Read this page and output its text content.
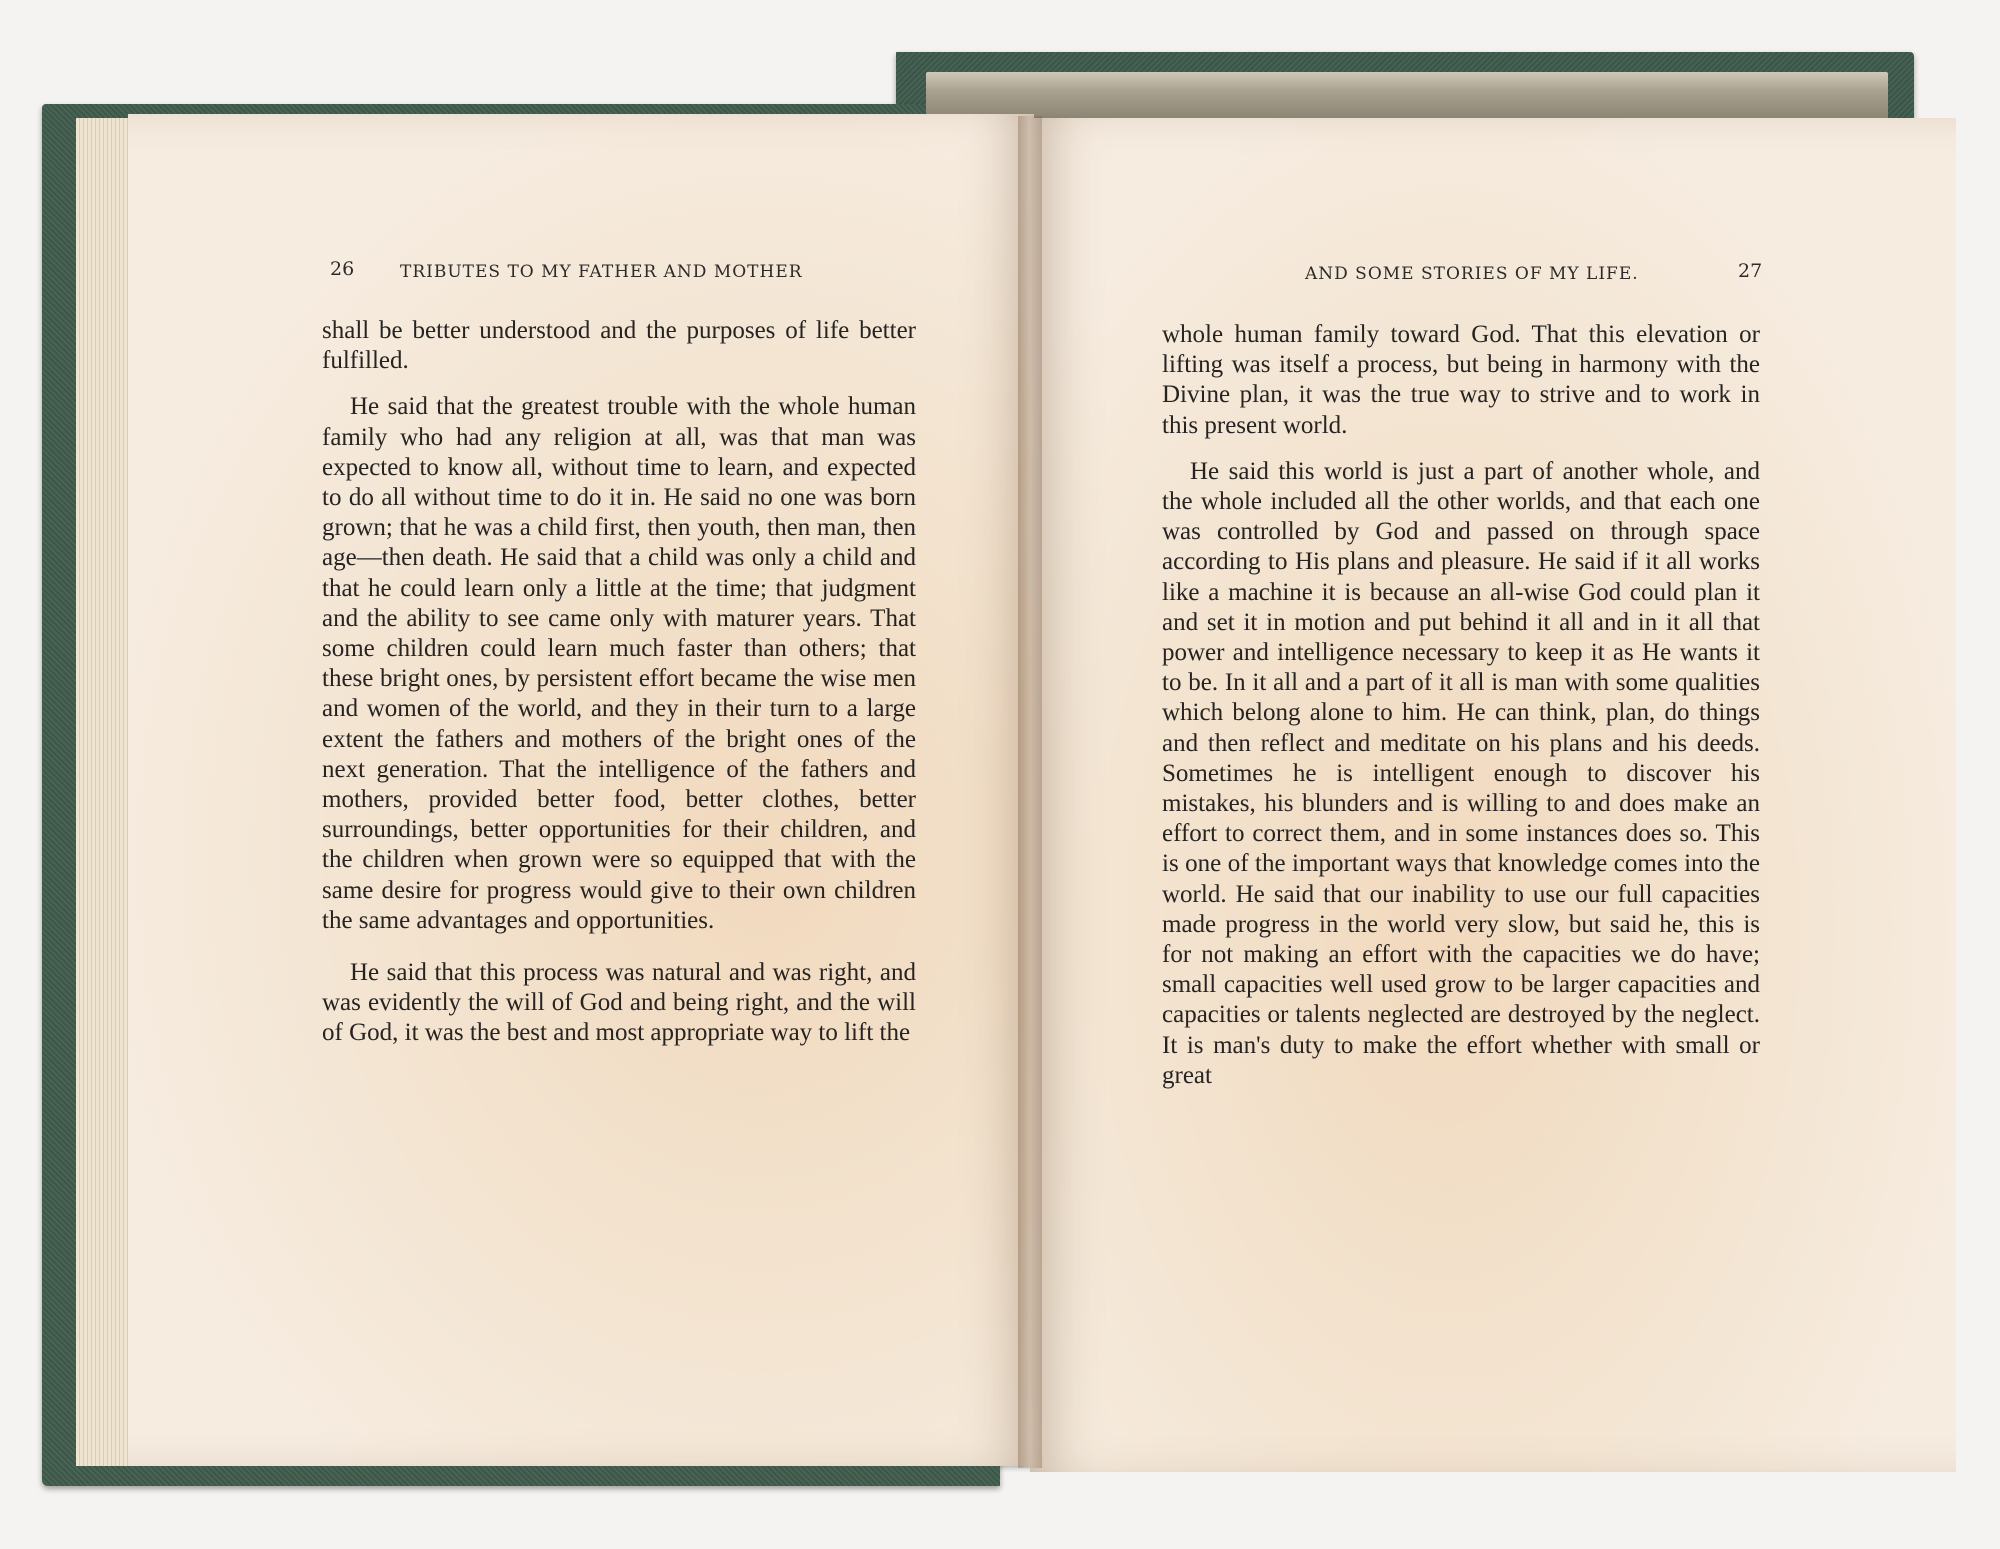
26	TRIBUTES TO MY FATHER AND MOTHER

shall be better understood and the purposes of life better fulfilled.

He said that the greatest trouble with the whole human family who had any religion at all, was that man was expected to know all, without time to learn, and expected to do all without time to do it in. He said no one was born grown; that he was a child first, then youth, then man, then age—then death. He said that a child was only a child and that he could learn only a little at the time; that judgment and the ability to see came only with maturer years. That some children could learn much faster than others; that these bright ones, by persistent effort became the wise men and women of the world, and they in their turn to a large extent the fathers and mothers of the bright ones of the next generation. That the intelligence of the fathers and mothers, provided better food, better clothes, better surroundings, better opportunities for their children, and the children when grown were so equipped that with the same desire for progress would give to their own children the same advantages and opportunities.

He said that this process was natural and was right, and was evidently the will of God and being right, and the will of God, it was the best and most appropriate way to lift the

AND SOME STORIES OF MY LIFE.	27

whole human family toward God. That this elevation or lifting was itself a process, but being in harmony with the Divine plan, it was the true way to strive and to work in this present world.

He said this world is just a part of another whole, and the whole included all the other worlds, and that each one was controlled by God and passed on through space according to His plans and pleasure. He said if it all works like a machine it is because an all-wise God could plan it and set it in motion and put behind it all and in it all that power and intelligence necessary to keep it as He wants it to be. In it all and a part of it all is man with some qualities which belong alone to him. He can think, plan, do things and then reflect and meditate on his plans and his deeds. Sometimes he is intelligent enough to discover his mistakes, his blunders and is willing to and does make an effort to correct them, and in some instances does so. This is one of the important ways that knowledge comes into the world. He said that our inability to use our full capacities made progress in the world very slow, but said he, this is for not making an effort with the capacities we do have; small capacities well used grow to be larger capacities and capacities or talents neglected are destroyed by the neglect. It is man's duty to make the effort whether with small or great
